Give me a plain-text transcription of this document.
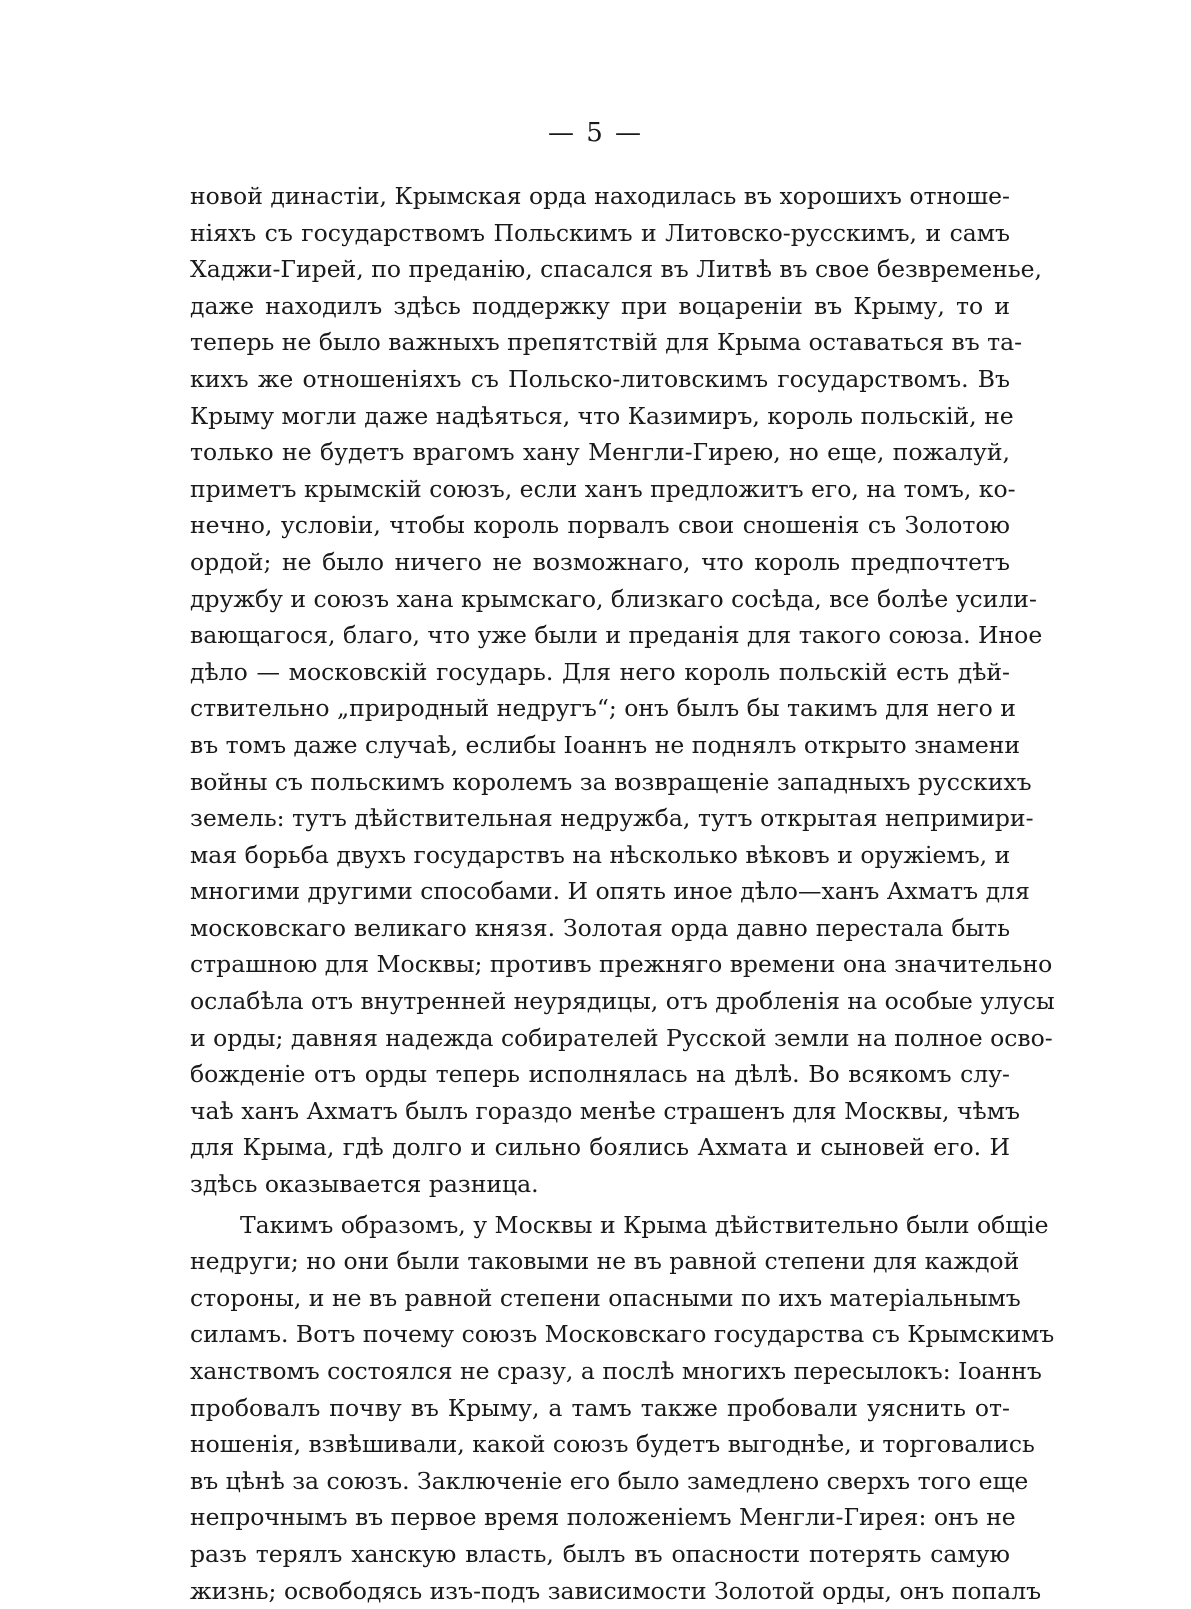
— 5 —
новой династіи, Крымская орда находилась въ хорошихъ отноше-
ніяхъ съ государствомъ Польскимъ и Литовско-русскимъ, и самъ
Хаджи-Гирей, по преданію, спасался въ Литвѣ въ свое безвременье,
даже находилъ здѣсь поддержку при воцареніи въ Крыму, то и
теперь не было важныхъ препятствій для Крыма оставаться въ та-
кихъ же отношеніяхъ съ Польско-литовскимъ государствомъ. Въ
Крыму могли даже надѣяться, что Казимиръ, король польскій, не
только не будетъ врагомъ хану Менгли-Гирею, но еще, пожалуй,
приметъ крымскій союзъ, если ханъ предложитъ его, на томъ, ко-
нечно, условіи, чтобы король порвалъ свои сношенія съ Золотою
ордой; не было ничего не возможнаго, что король предпочтетъ
дружбу и союзъ хана крымскаго, близкаго сосѣда, все болѣе усили-
вающагося, благо, что уже были и преданія для такого союза. Иное
дѣло — московскій государь. Для него король польскій есть дѣй-
ствительно „природный недругъ“; онъ былъ бы такимъ для него и
въ томъ даже случаѣ, еслибы Іоаннъ не поднялъ открыто знамени
войны съ польскимъ королемъ за возвращеніе западныхъ русскихъ
земель: тутъ дѣйствительная недружба, тутъ открытая непримири-
мая борьба двухъ государствъ на нѣсколько вѣковъ и оружіемъ, и
многими другими способами. И опять иное дѣло—ханъ Ахматъ для
московскаго великаго князя. Золотая орда давно перестала быть
страшною для Москвы; противъ прежняго времени она значительно
ослабѣла отъ внутренней неурядицы, отъ дробленія на особые улусы
и орды; давняя надежда собирателей Русской земли на полное осво-
божденіе отъ орды теперь исполнялась на дѣлѣ. Во всякомъ слу-
чаѣ ханъ Ахматъ былъ гораздо менѣе страшенъ для Москвы, чѣмъ
для Крыма, гдѣ долго и сильно боялись Ахмата и сыновей его. И
здѣсь оказывается разница.
Такимъ образомъ, у Москвы и Крыма дѣйствительно были общіе
недруги; но они были таковыми не въ равной степени для каждой
стороны, и не въ равной степени опасными по ихъ матеріальнымъ
силамъ. Вотъ почему союзъ Московскаго государства съ Крымскимъ
ханствомъ состоялся не сразу, а послѣ многихъ пересылокъ: Іоаннъ
пробовалъ почву въ Крыму, а тамъ также пробовали уяснить от-
ношенія, взвѣшивали, какой союзъ будетъ выгоднѣе, и торговались
въ цѣнѣ за союзъ. Заключеніе его было замедлено сверхъ того еще
непрочнымъ въ первое время положеніемъ Менгли-Гирея: онъ не
разъ терялъ ханскую власть, былъ въ опасности потерять самую
жизнь; освободясь изъ-подъ зависимости Золотой орды, онъ попалъ
